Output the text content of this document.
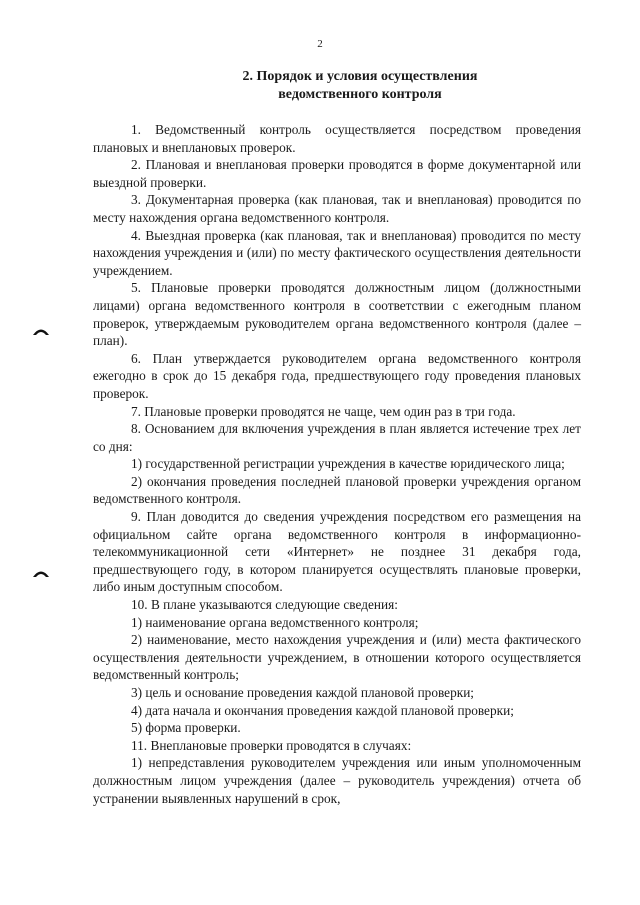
2
2. Порядок и условия осуществления
ведомственного контроля

1. Ведомственный контроль осуществляется посредством проведения плановых и внеплановых проверок.

2. Плановая и внеплановая проверки проводятся в форме документарной или выездной проверки.

3. Документарная проверка (как плановая, так и внеплановая) проводится по месту нахождения органа ведомственного контроля.

4. Выездная проверка (как плановая, так и внеплановая) проводится по месту нахождения учреждения и (или) по месту фактического осуществления деятельности учреждением.

5. Плановые проверки проводятся должностным лицом (должностными лицами) органа ведомственного контроля в соответствии с ежегодным планом проверок, утверждаемым руководителем органа ведомственного контроля (далее – план).

6. План утверждается руководителем органа ведомственного контроля ежегодно в срок до 15 декабря года, предшествующего году проведения плановых проверок.

7. Плановые проверки проводятся не чаще, чем один раз в три года.

8. Основанием для включения учреждения в план является истечение трех лет со дня:

1) государственной регистрации учреждения в качестве юридического лица;

2) окончания проведения последней плановой проверки учреждения органом ведомственного контроля.

9. План доводится до сведения учреждения посредством его размещения на официальном сайте органа ведомственного контроля в информационно-телекоммуникационной сети «Интернет» не позднее 31 декабря года, предшествующего году, в котором планируется осуществлять плановые проверки, либо иным доступным способом.

10. В плане указываются следующие сведения:

1) наименование органа ведомственного контроля;

2) наименование, место нахождения учреждения и (или) места фактического осуществления деятельности учреждением, в отношении которого осуществляется ведомственный контроль;

3) цель и основание проведения каждой плановой проверки;

4) дата начала и окончания проведения каждой плановой проверки;

5) форма проверки.

11. Внеплановые проверки проводятся в случаях:

1) непредставления руководителем учреждения или иным уполномоченным должностным лицом учреждения (далее – руководитель учреждения) отчета об устранении выявленных нарушений в срок,
